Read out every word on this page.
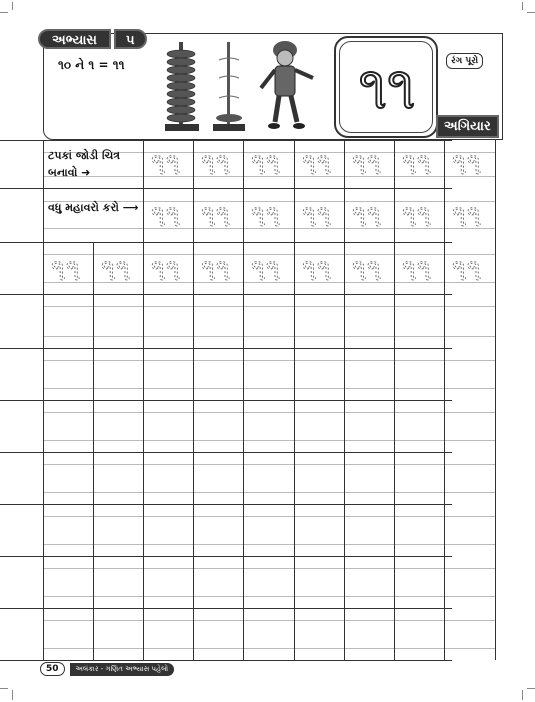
અભ્યાસ	૫
૧૦ ને ૧ = ૧૧	૧૧	રંગ પૂરો
અગિયાર
ટપકાં જોડી ચિત્ર બનાવો ➜
વધુ મહાવરો કરો ⟶
૧૧ ૧૧ ૧૧ ૧૧ ૧૧ ૧૧ ૧૧
૧૧ ૧૧ ૧૧ ૧૧ ૧૧ ૧૧ ૧૧
૧૧ ૧૧ ૧૧ ૧૧ ૧૧ ૧૧ ૧૧ ૧૧ ૧૧
50	અલંકાર - ગણિત અભ્યાસ પહેલો
